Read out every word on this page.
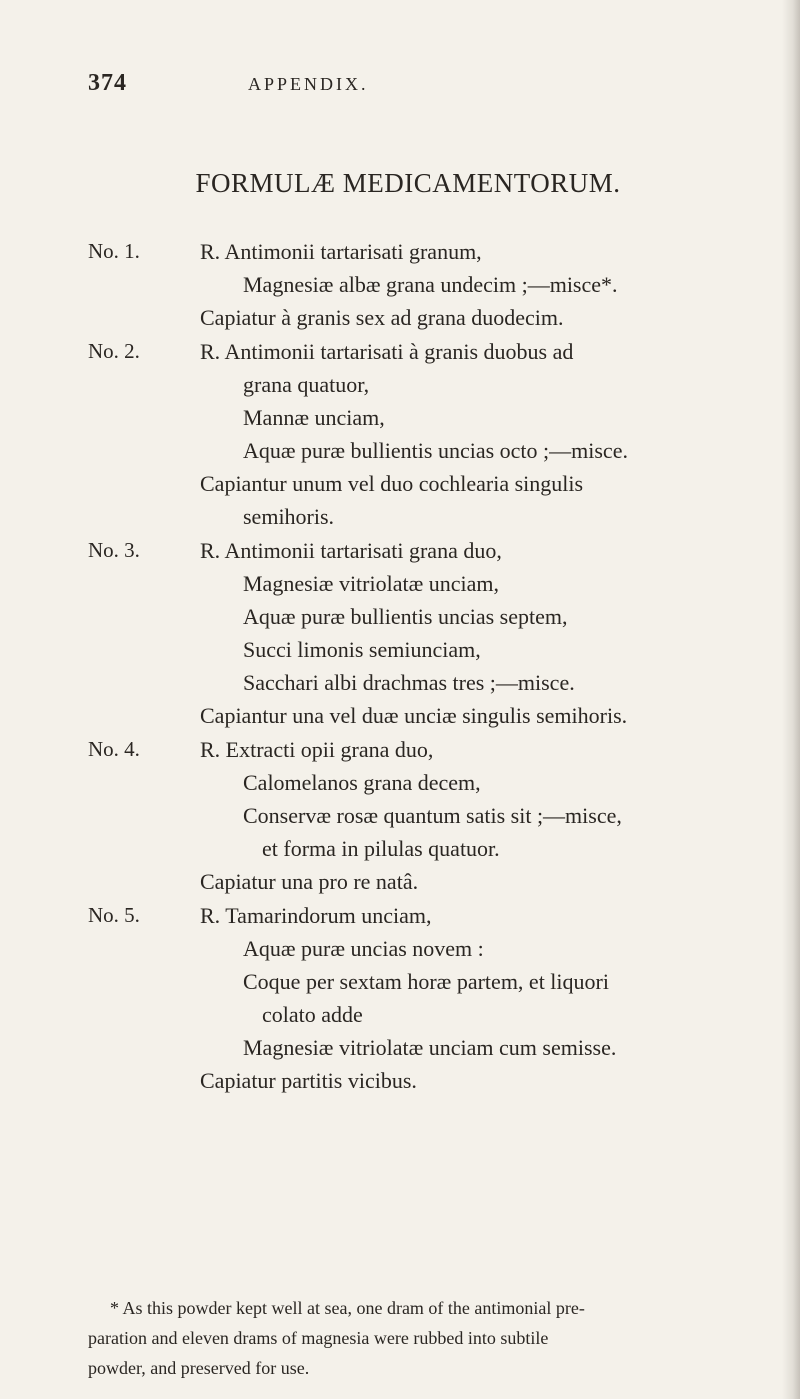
374	APPENDIX.
FORMULÆ MEDICAMENTORUM.
No. 1.	R. Antimonii tartarisati granum,
Magnesiæ albæ grana undecim ;—misce*.
Capiatur à granis sex ad grana duodecim.
No. 2.	R. Antimonii tartarisati à granis duobus ad
grana quatuor,
Mannæ unciam,
Aquæ puræ bullientis uncias octo ;—misce.
Capiantur unum vel duo cochlearia singulis
semihoris.
No. 3.	R. Antimonii tartarisati grana duo,
Magnesiæ vitriolatæ unciam,
Aquæ puræ bullientis uncias septem,
Succi limonis semiunciam,
Sacchari albi drachmas tres ;—misce.
Capiantur una vel duæ unciæ singulis semihoris.
No. 4.	R. Extracti opii grana duo,
Calomelanos grana decem,
Conservæ rosæ quantum satis sit ;—misce,
et forma in pilulas quatuor.
Capiatur una pro re natâ.
No. 5.	R. Tamarindorum unciam,
Aquæ puræ uncias novem :
Coque per sextam horæ partem, et liquori
colato adde
Magnesiæ vitriolatæ unciam cum semisse.
Capiatur partitis vicibus.

* As this powder kept well at sea, one dram of the antimonial pre-

paration and eleven drams of magnesia were rubbed into subtile

powder, and preserved for use.
